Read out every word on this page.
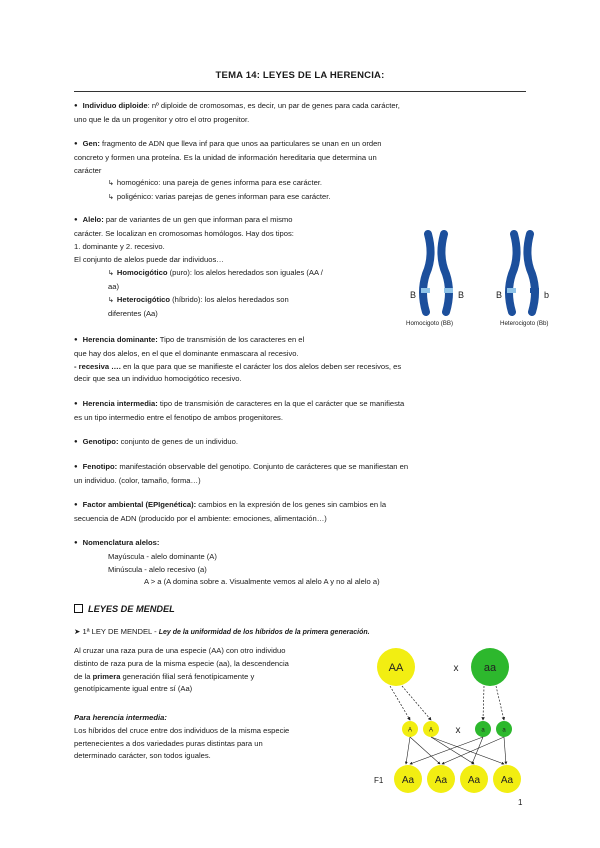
TEMA 14: LEYES DE LA HERENCIA:
● Individuo diploide: nº diploide de cromosomas, es decir, un par de genes para cada carácter,
uno que le da un progenitor y otro el otro progenitor.
● Gen: fragmento de ADN que lleva inf para que unos aa particulares se unan en un orden
concreto y formen una proteína. Es la unidad de información hereditaria que determina un
carácter
↳ homogénico: una pareja de genes informa para ese carácter.
↳ poligénico: varias parejas de genes informan para ese carácter.
● Alelo: par de variantes de un gen que informan para el mismo
carácter. Se localizan en cromosomas homólogos. Hay dos tipos:
1. dominante y 2. recesivo.
El conjunto de alelos puede dar individuos…
↳ Homocigótico (puro): los alelos heredados son iguales (AA /
aa)
↳ Heterocigótico (híbrido): los alelos heredados son
diferentes (Aa)
B	B
Homocigoto (BB)
B	b
Heterocigoto (Bb)
● Herencia dominante: Tipo de transmisión de los caracteres en el
que hay dos alelos, en el que el dominante enmascara al recesivo.
- recesiva …. en la que para que se manifieste el carácter los dos alelos deben ser recesivos, es
decir que sea un individuo homocigótico recesivo.
● Herencia intermedia: tipo de transmisión de caracteres en la que el carácter que se manifiesta
es un tipo intermedio entre el fenotipo de ambos progenitores.
● Genotipo: conjunto de genes de un individuo.
● Fenotipo: manifestación observable del genotipo. Conjunto de carácteres que se manifiestan en
un individuo. (color, tamaño, forma…)
● Factor ambiental (EPIgenética): cambios en la expresión de los genes sin cambios en la
secuencia de ADN (producido por el ambiente: emociones, alimentación…)
● Nomenclatura alelos:
Mayúscula - alelo dominante (A)
Minúscula - alelo recesivo (a)
A > a (A domina sobre a. Visualmente vemos al alelo A y no al alelo a)
LEYES DE MENDEL
➤ 1ª LEY DE MENDEL - Ley de la uniformidad de los híbridos de la primera generación.
Al cruzar una raza pura de una especie (AA) con otro individuo
distinto de raza pura de la misma especie (aa), la descendencia
de la primera generación filial será fenotípicamente y
genotípicamente igual entre sí (Aa)
Para herencia intermedia:
Los híbridos del cruce entre dos individuos de la misma especie
pertenecientes a dos variedades puras distintas para un
determinado carácter, son todos iguales.
AA	x aa
A	A x	a	a
F1 Aa Aa Aa Aa
1
